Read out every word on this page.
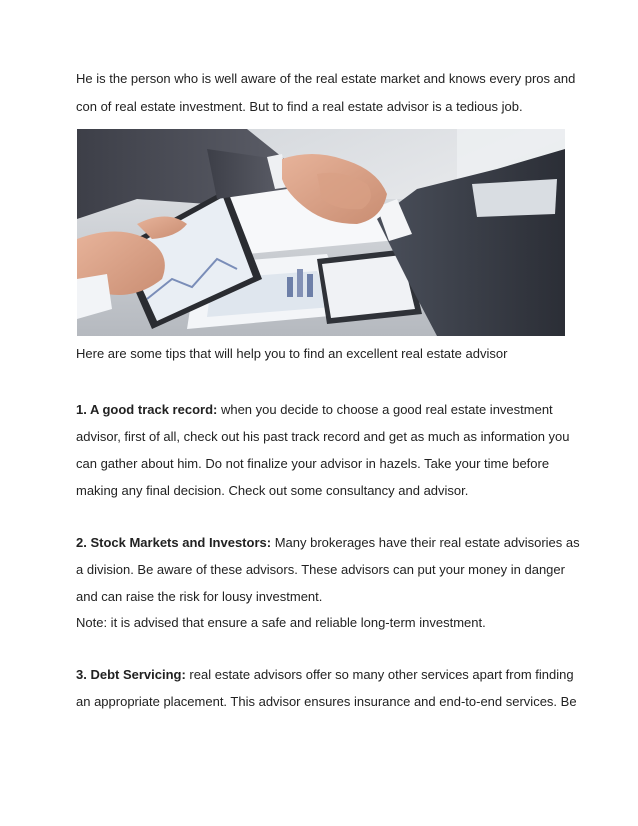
He is the person who is well aware of the real estate market and knows every pros and
con of real estate investment. But to find a real estate advisor is a tedious job.
Here are some tips that will help you to find an excellent real estate advisor
1. A good track record: when you decide to choose a good real estate investment
advisor, first of all, check out his past track record and get as much as information you
can gather about him. Do not finalize your advisor in hazels. Take your time before
making any final decision. Check out some consultancy and advisor.
2. Stock Markets and Investors: Many brokerages have their real estate advisories as
a division. Be aware of these advisors. These advisors can put your money in danger
and can raise the risk for lousy investment.
Note: it is advised that ensure a safe and reliable long-term investment.
3. Debt Servicing: real estate advisors offer so many other services apart from finding
an appropriate placement. This advisor ensures insurance and end-to-end services. Be
